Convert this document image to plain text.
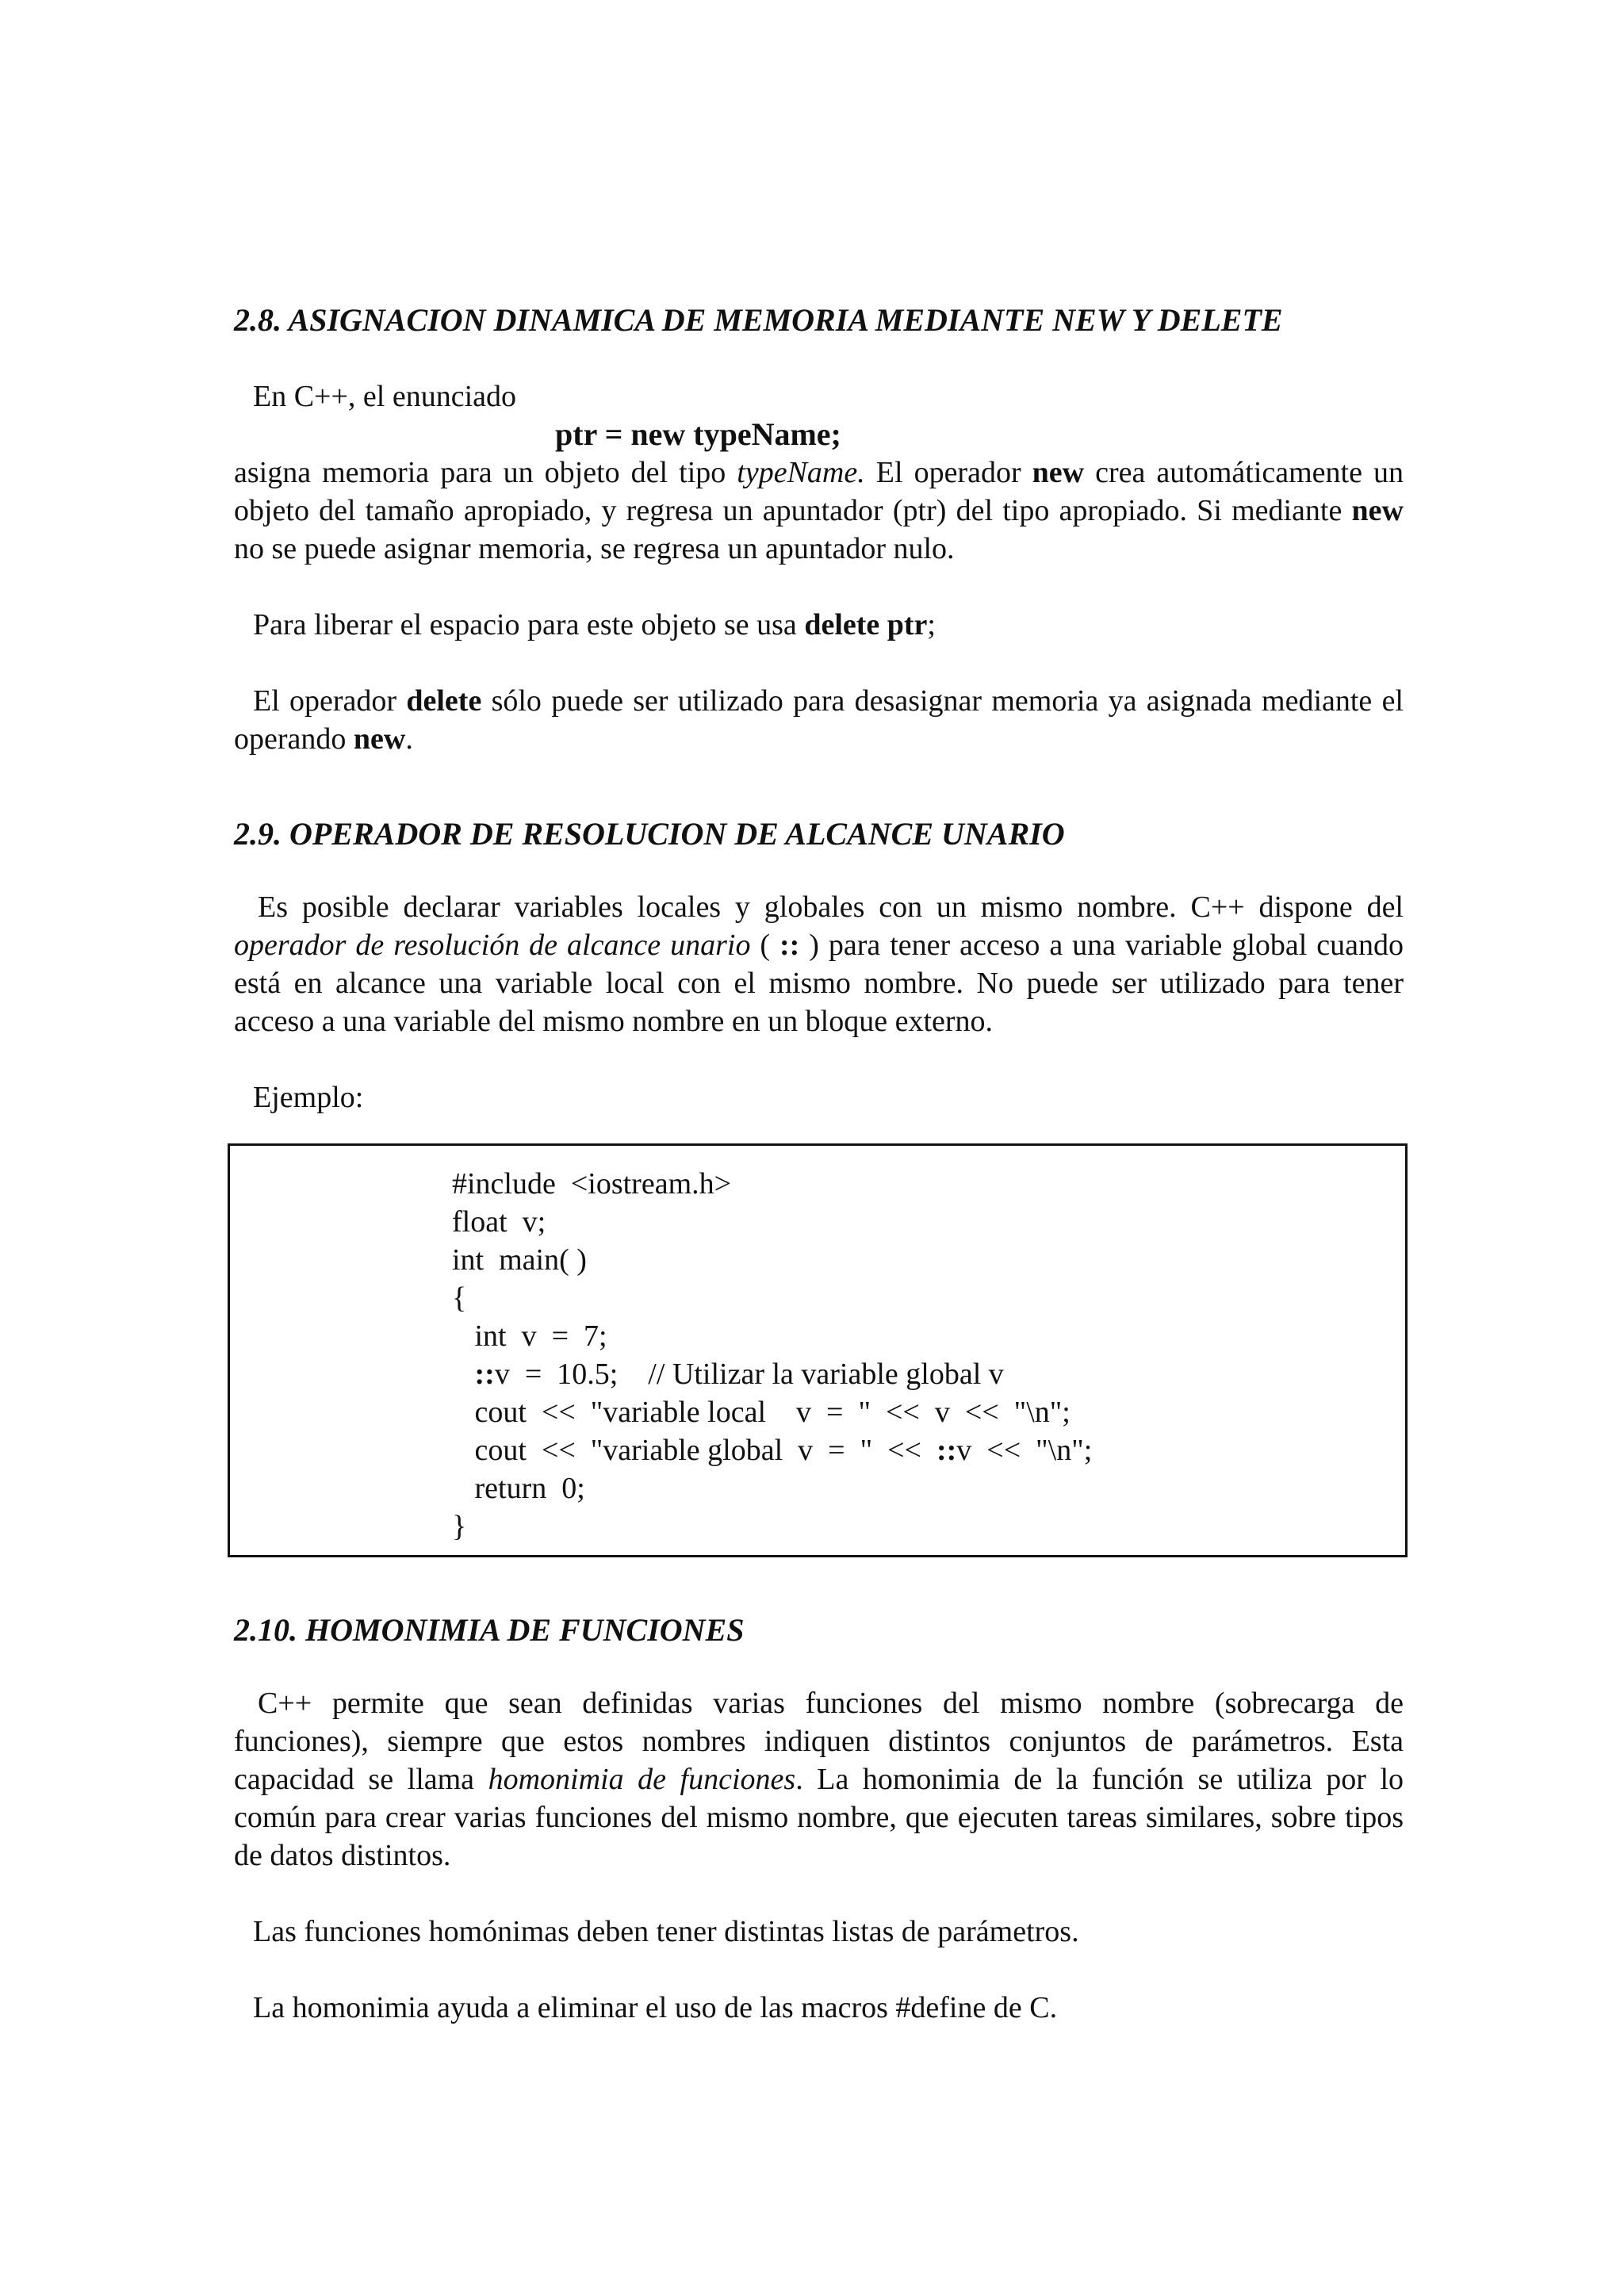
2.8. ASIGNACION DINAMICA DE MEMORIA MEDIANTE NEW Y DELETE

En C++, el enunciado

ptr = new typeName;

asigna memoria para un objeto del tipo typeName. El operador new crea automáticamente un objeto del tamaño apropiado, y regresa un apuntador (ptr) del tipo apropiado. Si mediante new no se puede asignar memoria, se regresa un apuntador nulo.

Para liberar el espacio para este objeto se usa delete ptr;

El operador delete sólo puede ser utilizado para desasignar memoria ya asignada mediante el operando new.

2.9. OPERADOR DE RESOLUCION DE ALCANCE UNARIO

Es posible declarar variables locales y globales con un mismo nombre. C++ dispone del operador de resolución de alcance unario ( :: ) para tener acceso a una variable global cuando está en alcance una variable local con el mismo nombre. No puede ser utilizado para tener acceso a una variable del mismo nombre en un bloque externo.

Ejemplo:

#include  <iostream.h>

float  v;

int  main( )

{

int  v  =  7;

::v  =  10.5;    // Utilizar la variable global v

cout  <<  "variable local    v  =  "  <<  v  <<  "\n";

cout  <<  "variable global  v  =  "  <<  ::v  <<  "\n";

return  0;

}

2.10. HOMONIMIA DE FUNCIONES

C++ permite que sean definidas varias funciones del mismo nombre (sobrecarga de funciones), siempre que estos nombres indiquen distintos conjuntos de parámetros. Esta capacidad se llama homonimia de funciones. La homonimia de la función se utiliza por lo común para crear varias funciones del mismo nombre, que ejecuten tareas similares, sobre tipos de datos distintos.

Las funciones homónimas deben tener distintas listas de parámetros.

La homonimia ayuda a eliminar el uso de las macros #define de C.
